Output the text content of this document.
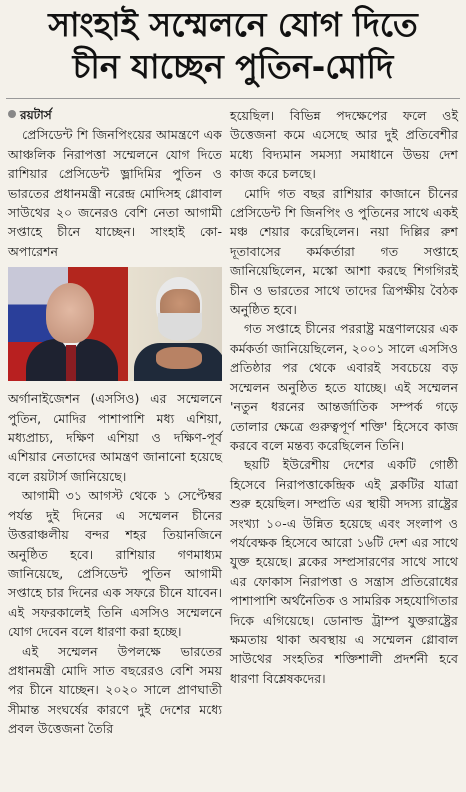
সাংহাই সম্মেলনে যোগ দিতে
চীন যাচ্ছেন পুতিন-মোদি
রয়টার্স

প্রেসিডেন্ট শি জিনপিংয়ের আমন্ত্রণে এক আঞ্চলিক নিরাপত্তা সম্মেলনে যোগ দিতে রাশিয়ার প্রেসিডেন্ট ভ্লাদিমির পুতিন ও ভারতের প্রধানমন্ত্রী নরেন্দ্র মোদিসহ গ্লোবাল সাউথের ২০ জনেরও বেশি নেতা আগামী সপ্তাহে চীনে যাচ্ছেন। সাংহাই কো-অপারেশন

অর্গানাইজেশন (এসসিও) এর সম্মেলনে পুতিন, মোদির পাশাপাশি মধ্য এশিয়া, মধ্যপ্রাচ্য, দক্ষিণ এশিয়া ও দক্ষিণ-পূর্ব এশিয়ার নেতাদের আমন্ত্রণ জানানো হয়েছে বলে রয়টার্স জানিয়েছে।

আগামী ৩১ আগস্ট থেকে ১ সেপ্টেম্বর পর্যন্ত দুই দিনের এ সম্মেলন চীনের উত্তরাঞ্চলীয় বন্দর শহর তিয়ানজিনে অনুষ্ঠিত হবে। রাশিয়ার গণমাধ্যম জানিয়েছে, প্রেসিডেন্ট পুতিন আগামী সপ্তাহে চার দিনের এক সফরে চীনে যাবেন। এই সফরকালেই তিনি এসসিও সম্মেলনে যোগ দেবেন বলে ধারণা করা হচ্ছে।

এই সম্মেলন উপলক্ষে ভারতের প্রধানমন্ত্রী মোদি সাত বছরেরও বেশি সময় পর চীনে যাচ্ছেন। ২০২০ সালে প্রাণঘাতী সীমান্ত সংঘর্ষের কারণে দুই দেশের মধ্যে প্রবল উত্তেজনা তৈরি

হয়েছিল। বিভিন্ন পদক্ষেপের ফলে ওই উত্তেজনা কমে এসেছে আর দুই প্রতিবেশীর মধ্যে বিদ্যমান সমস্যা সমাধানে উভয় দেশ কাজ করে চলছে।

মোদি গত বছর রাশিয়ার কাজানে চীনের প্রেসিডেন্ট শি জিনপিং ও পুতিনের সাথে একই মঞ্চ শেয়ার করেছিলেন। নয়া দিল্লির রুশ দূতাবাসের কর্মকর্তারা গত সপ্তাহে জানিয়েছিলেন, মস্কো আশা করছে শিগগিরই চীন ও ভারতের সাথে তাদের ত্রিপক্ষীয় বৈঠক অনুষ্ঠিত হবে।

গত সপ্তাহে চীনের পররাষ্ট্র মন্ত্রণালয়ের এক কর্মকর্তা জানিয়েছিলেন, ২০০১ সালে এসসিও প্রতিষ্ঠার পর থেকে এবারই সবচেয়ে বড় সম্মেলন অনুষ্ঠিত হতে যাচ্ছে। এই সম্মেলন 'নতুন ধরনের আন্তর্জাতিক সম্পর্ক গড়ে তোলার ক্ষেত্রে গুরুত্বপূর্ণ শক্তি' হিসেবে কাজ করবে বলে মন্তব্য করেছিলেন তিনি।

ছয়টি ইউরেশীয় দেশের একটি গোষ্ঠী হিসেবে নিরাপত্তাকেন্দ্রিক এই ব্লকটির যাত্রা শুরু হয়েছিল। সম্প্রতি এর স্থায়ী সদস্য রাষ্ট্রের সংখ্যা ১০-এ উন্নিত হয়েছে এবং সংলাপ ও পর্যবেক্ষক হিসেবে আরো ১৬টি দেশ এর সাথে যুক্ত হয়েছে। ব্লকের সম্প্রসারণের সাথে সাথে এর ফোকাস নিরাপত্তা ও সন্ত্রাস প্রতিরোধের পাশাপাশি অর্থনৈতিক ও সামরিক সহযোগিতার দিকে এগিয়েছে। ডোনাল্ড ট্রাম্প যুক্তরাষ্ট্রের ক্ষমতায় থাকা অবস্থায় এ সম্মেলন গ্লোবাল সাউথের সংহতির শক্তিশালী প্রদর্শনী হবে ধারণা বিশ্লেষকদের।
